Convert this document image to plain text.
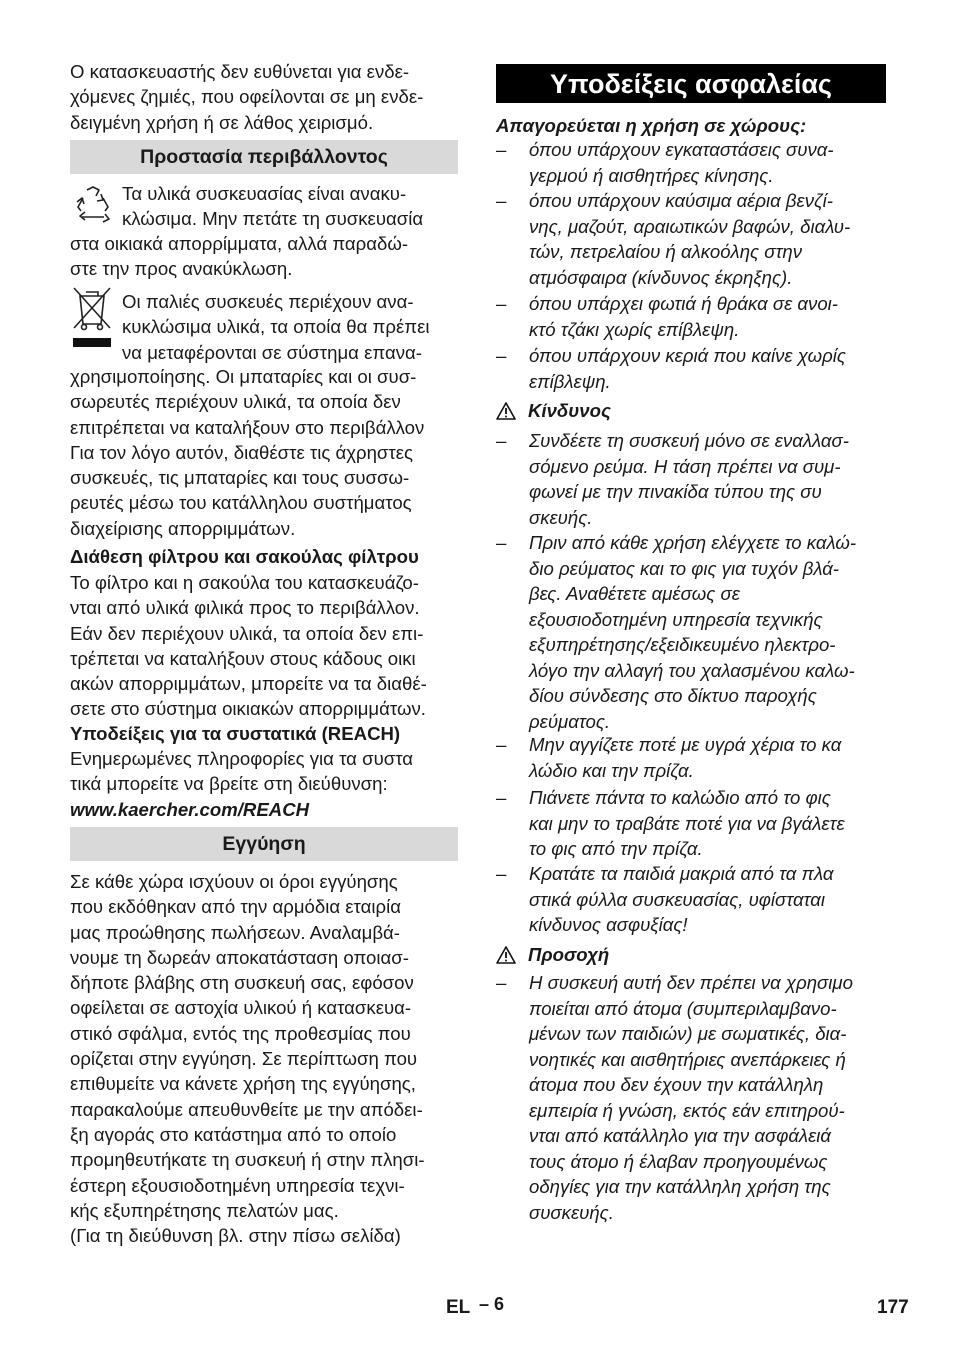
Ο κατασκευαστής δεν ευθύνεται για ενδε-
χόμενες ζημιές, που οφείλονται σε μη ενδε-
δειγμένη χρήση ή σε λάθος χειρισμό.

Προστασία περιβάλλοντος

Τα υλικά συσκευασίας είναι ανακυ-
κλώσιμα. Μην πετάτε τη συσκευασία

στα οικιακά απορρίμματα, αλλά παραδώ-
στε την προς ανακύκλωση.

Οι παλιές συσκευές περιέχουν ανα-
κυκλώσιμα υλικά, τα οποία θα πρέπει
να μεταφέρονται σε σύστημα επανα-

χρησιμοποίησης. Οι μπαταρίες και οι συσ-
σωρευτές περιέχουν υλικά, τα οποία δεν
επιτρέπεται να καταλήξουν στο περιβάλλον
Για τον λόγο αυτόν, διαθέστε τις άχρηστες
συσκευές, τις μπαταρίες και τους συσσω-
ρευτές μέσω του κατάλληλου συστήματος
διαχείρισης απορριμμάτων.

Διάθεση φίλτρου και σακούλας φίλτρου

Το φίλτρο και η σακούλα του κατασκευάζο-
νται από υλικά φιλικά προς το περιβάλλον.
Εάν δεν περιέχουν υλικά, τα οποία δεν επι-
τρέπεται να καταλήξουν στους κάδους οικι
ακών απορριμμάτων, μπορείτε να τα διαθέ-
σετε στο σύστημα οικιακών απορριμμάτων.

Υποδείξεις για τα συστατικά (REACH)

Ενημερωμένες πληροφορίες για τα συστα
τικά μπορείτε να βρείτε στη διεύθυνση:

www.kaercher.com/REACH
Εγγύηση

Σε κάθε χώρα ισχύουν οι όροι εγγύησης
που εκδόθηκαν από την αρμόδια εταιρία
μας προώθησης πωλήσεων. Αναλαμβά-
νουμε τη δωρεάν αποκατάσταση οποιασ-
δήποτε βλάβης στη συσκευή σας, εφόσον
οφείλεται σε αστοχία υλικού ή κατασκευα-
στικό σφάλμα, εντός της προθεσμίας που
ορίζεται στην εγγύηση. Σε περίπτωση που
επιθυμείτε να κάνετε χρήση της εγγύησης,
παρακαλούμε απευθυνθείτε με την απόδει-
ξη αγοράς στο κατάστημα από το οποίο
προμηθευτήκατε τη συσκευή ή στην πλησι-
έστερη εξουσιοδοτημένη υπηρεσία τεχνι-
κής εξυπηρέτησης πελατών μας.
(Για τη διεύθυνση βλ. στην πίσω σελίδα)

Υποδείξεις ασφαλείας
Απαγορεύεται η χρήση σε χώρους:
– όπου υπάρχουν εγκαταστάσεις συνα-
γερμού ή αισθητήρες κίνησης.
– όπου υπάρχουν καύσιμα αέρια βενζί-
νης, μαζούτ, αραιωτικών βαφών, διαλυ-
τών, πετρελαίου ή αλκοόλης στην
ατμόσφαιρα (κίνδυνος έκρηξης).
– όπου υπάρχει φωτιά ή θράκα σε ανοι-
κτό τζάκι χωρίς επίβλεψη.
– όπου υπάρχουν κεριά που καίνε χωρίς
επίβλεψη.
Κίνδυνος
– Συνδέετε τη συσκευή μόνο σε εναλλασ-
σόμενο ρεύμα. Η τάση πρέπει να συμ-
φωνεί με την πινακίδα τύπου της συ
σκευής.
– Πριν από κάθε χρήση ελέγχετε το καλώ-
διο ρεύματος και το φις για τυχόν βλά-
βες. Αναθέτετε αμέσως σε
εξουσιοδοτημένη υπηρεσία τεχνικής
εξυπηρέτησης/εξειδικευμένο ηλεκτρο-
λόγο την αλλαγή του χαλασμένου καλω-
δίου σύνδεσης στο δίκτυο παροχής
ρεύματος.
– Μην αγγίζετε ποτέ με υγρά χέρια το κα
λώδιο και την πρίζα.
– Πιάνετε πάντα το καλώδιο από το φις
και μην το τραβάτε ποτέ για να βγάλετε
το φις από την πρίζα.
– Κρατάτε τα παιδιά μακριά από τα πλα
στικά φύλλα συσκευασίας, υφίσταται
κίνδυνος ασφυξίας!
Προσοχή
– Η συσκευή αυτή δεν πρέπει να χρησιμο
ποιείται από άτομα (συμπεριλαμβανο-
μένων των παιδιών) με σωματικές, δια-
νοητικές και αισθητήριες ανεπάρκειες ή
άτομα που δεν έχουν την κατάλληλη
εμπειρία ή γνώση, εκτός εάν επιτηρού-
νται από κατάλληλο για την ασφάλειά
τους άτομο ή έλαβαν προηγουμένως
οδηγίες για την κατάλληλη χρήση της
συσκευής.
EL – 6	177
